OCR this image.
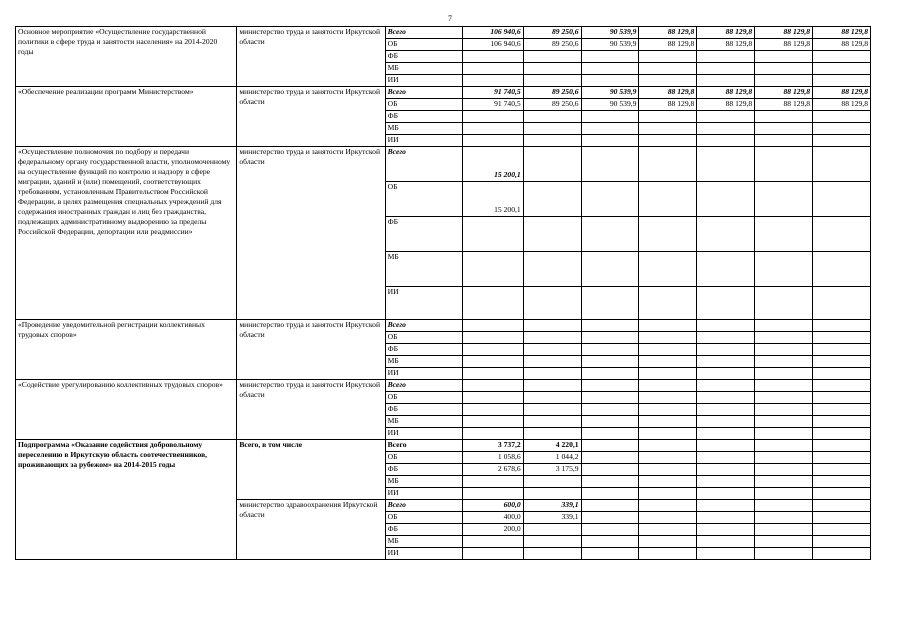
7
Основное мероприятие «Осуществление государственной политики в сфере труда и занятости населения» на 2014-2020 годы	министерство труда и занятости Иркутской области	Всего	106 940,6	89 250,6	90 539,9	88 129,8	88 129,8	88 129,8	88 129,8
		ОБ	106 940,6	89 250,6	90 539,9	88 129,8	88 129,8	88 129,8	88 129,8
		ФБ							
		МБ							
		ИИ							
«Обеспечение реализации программ Министерством»	министерство труда и занятости Иркутской области	Всего	91 740,5	89 250,6	90 539,9	88 129,8	88 129,8	88 129,8	88 129,8
		ОБ	91 740,5	89 250,6	90 539,9	88 129,8	88 129,8	88 129,8	88 129,8
		ФБ							
		МБ							
		ИИ							
«Осуществление полномочия по подбору и передачи федеральному органу государственной власти, уполномоченному на осуществление функций по контролю и надзору в сфере миграции, зданий и (или) помещений, соответствующих требованиям, установленным Правительством Российской Федерации, в целях размещения специальных учреждений для содержания иностранных граждан и лиц без гражданства, подлежащих административному выдворению за пределы Российской Федерации, депортации или реадмиссии»	министерство труда и занятости Иркутской области	Всего	15 200,1						
		ОБ	15 200,1						
		ФБ							
		МБ							
		ИИ							
«Проведение уведомительной регистрации коллективных трудовых споров»	министерство труда и занятости Иркутской области	Всего							
		ОБ							
		ФБ							
		МБ							
		ИИ							
«Содействие урегулированию коллективных трудовых споров»	министерство труда и занятости Иркутской области	Всего							
		ОБ							
		ФБ							
		МБ							
		ИИ							
Подпрограмма «Оказание содействия добровольному переселению в Иркутскую область соотечественников, проживающих за рубежом» на 2014-2015 годы	Всего, в том числе	Всего	3 737,2	4 220,1					
		ОБ	1 058,6	1 044,2					
		ФБ	2 678,6	3 175,9					
		МБ							
		ИИ							
	министерство здравоохранения Иркутской области	Всего	600,0	339,1					
		ОБ	400,0	339,1					
		ФБ	200,0						
		МБ							
		ИИ							
